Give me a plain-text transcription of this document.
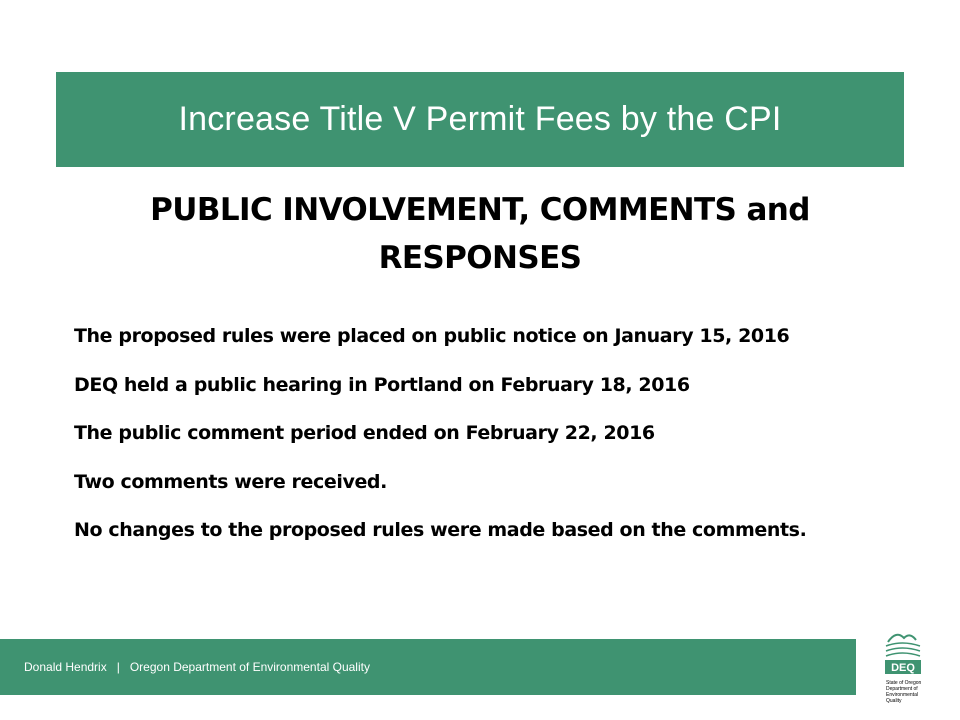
Increase Title V Permit Fees by the CPI
PUBLIC INVOLVEMENT, COMMENTS and
RESPONSES
The proposed rules were placed on public notice on January 15, 2016
DEQ held a public hearing in Portland on February 18, 2016
The public comment period ended on February 22, 2016
Two comments were received.
No changes to the proposed rules were made based on the comments.
Donald Hendrix | Oregon Department of Environmental Quality	DEQ
State of Oregon
Department of
Environmental
Quality
